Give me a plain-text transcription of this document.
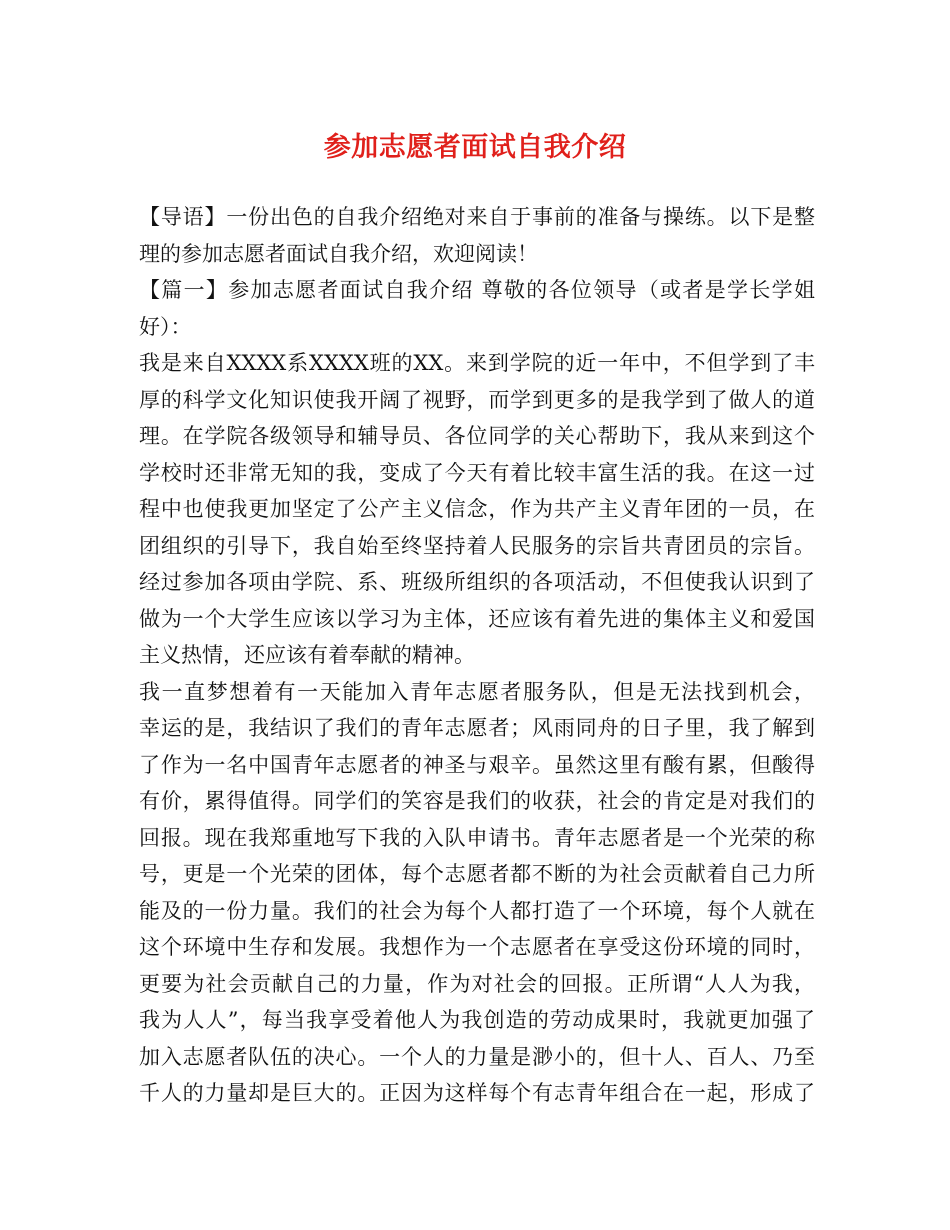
参加志愿者面试自我介绍
【导语】一份出色的自我介绍绝对来自于事前的准备与操练。以下是整
理的参加志愿者面试自我介绍，欢迎阅读！
【篇一】参加志愿者面试自我介绍 尊敬的各位领导（或者是学长学姐
好）：
我是来自XXXX系XXXX班的XX。来到学院的近一年中，不但学到了丰
厚的科学文化知识使我开阔了视野，而学到更多的是我学到了做人的道
理。在学院各级领导和辅导员、各位同学的关心帮助下，我从来到这个
学校时还非常无知的我，变成了今天有着比较丰富生活的我。在这一过
程中也使我更加坚定了公产主义信念，作为共产主义青年团的一员，在
团组织的引导下，我自始至终坚持着人民服务的宗旨共青团员的宗旨。
经过参加各项由学院、系、班级所组织的各项活动，不但使我认识到了
做为一个大学生应该以学习为主体，还应该有着先进的集体主义和爱国
主义热情，还应该有着奉献的精神。
我一直梦想着有一天能加入青年志愿者服务队，但是无法找到机会，
幸运的是，我结识了我们的青年志愿者；风雨同舟的日子里，我了解到
了作为一名中国青年志愿者的神圣与艰辛。虽然这里有酸有累，但酸得
有价，累得值得。同学们的笑容是我们的收获，社会的肯定是对我们的
回报。现在我郑重地写下我的入队申请书。青年志愿者是一个光荣的称
号，更是一个光荣的团体，每个志愿者都不断的为社会贡献着自己力所
能及的一份力量。我们的社会为每个人都打造了一个环境，每个人就在
这个环境中生存和发展。我想作为一个志愿者在享受这份环境的同时，
更要为社会贡献自己的力量，作为对社会的回报。正所谓“人人为我，
我为人人”，每当我享受着他人为我创造的劳动成果时，我就更加强了
加入志愿者队伍的决心。一个人的力量是渺小的，但十人、百人、乃至
千人的力量却是巨大的。正因为这样每个有志青年组合在一起，形成了
